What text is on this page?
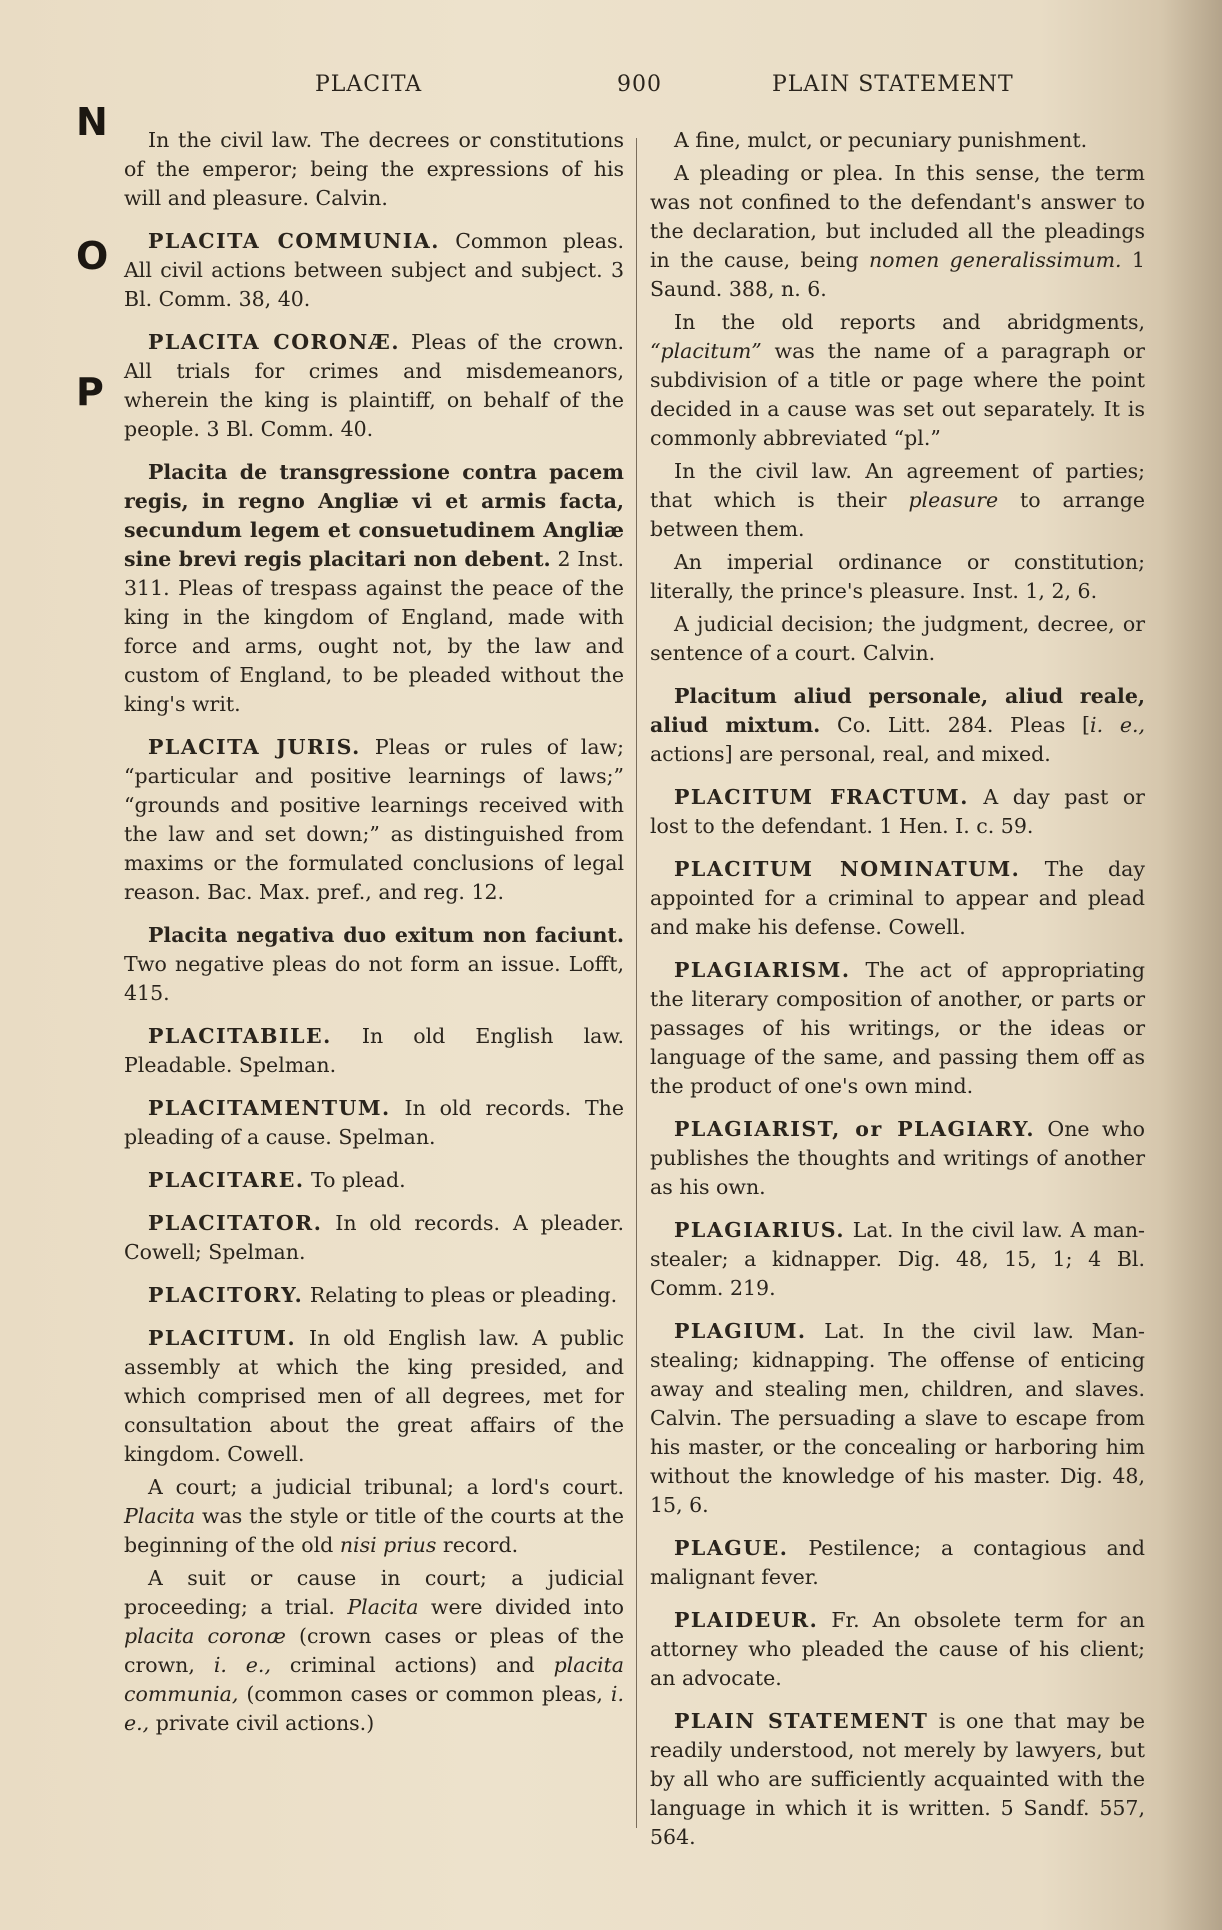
PLACITA	900	PLAIN STATEMENT
N
O
P

In the civil law. The decrees or constitutions of the emperor; being the expressions of his will and pleasure. Calvin.

PLACITA COMMUNIA. Common pleas. All civil actions between subject and subject. 3 Bl. Comm. 38, 40.

PLACITA CORONÆ. Pleas of the crown. All trials for crimes and misdemeanors, wherein the king is plaintiff, on behalf of the people. 3 Bl. Comm. 40.

Placita de transgressione contra pacem regis, in regno Angliæ vi et armis facta, secundum legem et consuetudinem Angliæ sine brevi regis placitari non debent. 2 Inst. 311. Pleas of trespass against the peace of the king in the kingdom of England, made with force and arms, ought not, by the law and custom of England, to be pleaded without the king's writ.

PLACITA JURIS. Pleas or rules of law; “particular and positive learnings of laws;” “grounds and positive learnings received with the law and set down;” as distinguished from maxims or the formulated conclusions of legal reason. Bac. Max. pref., and reg. 12.

Placita negativa duo exitum non faciunt. Two negative pleas do not form an issue. Lofft, 415.

PLACITABILE. In old English law. Pleadable. Spelman.

PLACITAMENTUM. In old records. The pleading of a cause. Spelman.

PLACITARE. To plead.

PLACITATOR. In old records. A pleader. Cowell; Spelman.

PLACITORY. Relating to pleas or pleading.

PLACITUM. In old English law. A public assembly at which the king presided, and which comprised men of all degrees, met for consultation about the great affairs of the kingdom. Cowell.

A court; a judicial tribunal; a lord's court. Placita was the style or title of the courts at the beginning of the old nisi prius record.

A suit or cause in court; a judicial proceeding; a trial. Placita were divided into placita coronæ (crown cases or pleas of the crown, i. e., criminal actions) and placita communia, (common cases or common pleas, i. e., private civil actions.)

A fine, mulct, or pecuniary punishment.

A pleading or plea. In this sense, the term was not confined to the defendant's answer to the declaration, but included all the pleadings in the cause, being nomen generalissimum. 1 Saund. 388, n. 6.

In the old reports and abridgments, “placitum” was the name of a paragraph or subdivision of a title or page where the point decided in a cause was set out separately. It is commonly abbreviated “pl.”

In the civil law. An agreement of parties; that which is their pleasure to arrange between them.

An imperial ordinance or constitution; literally, the prince's pleasure. Inst. 1, 2, 6.

A judicial decision; the judgment, decree, or sentence of a court. Calvin.

Placitum aliud personale, aliud reale, aliud mixtum. Co. Litt. 284. Pleas [i. e., actions] are personal, real, and mixed.

PLACITUM FRACTUM. A day past or lost to the defendant. 1 Hen. I. c. 59.

PLACITUM NOMINATUM. The day appointed for a criminal to appear and plead and make his defense. Cowell.

PLAGIARISM. The act of appropriating the literary composition of another, or parts or passages of his writings, or the ideas or language of the same, and passing them off as the product of one's own mind.

PLAGIARIST, or PLAGIARY. One who publishes the thoughts and writings of another as his own.

PLAGIARIUS. Lat. In the civil law. A man-stealer; a kidnapper. Dig. 48, 15, 1; 4 Bl. Comm. 219.

PLAGIUM. Lat. In the civil law. Man-stealing; kidnapping. The offense of enticing away and stealing men, children, and slaves. Calvin. The persuading a slave to escape from his master, or the concealing or harboring him without the knowledge of his master. Dig. 48, 15, 6.

PLAGUE. Pestilence; a contagious and malignant fever.

PLAIDEUR. Fr. An obsolete term for an attorney who pleaded the cause of his client; an advocate.

PLAIN STATEMENT is one that may be readily understood, not merely by lawyers, but by all who are sufficiently acquainted with the language in which it is written. 5 Sandf. 557, 564.
